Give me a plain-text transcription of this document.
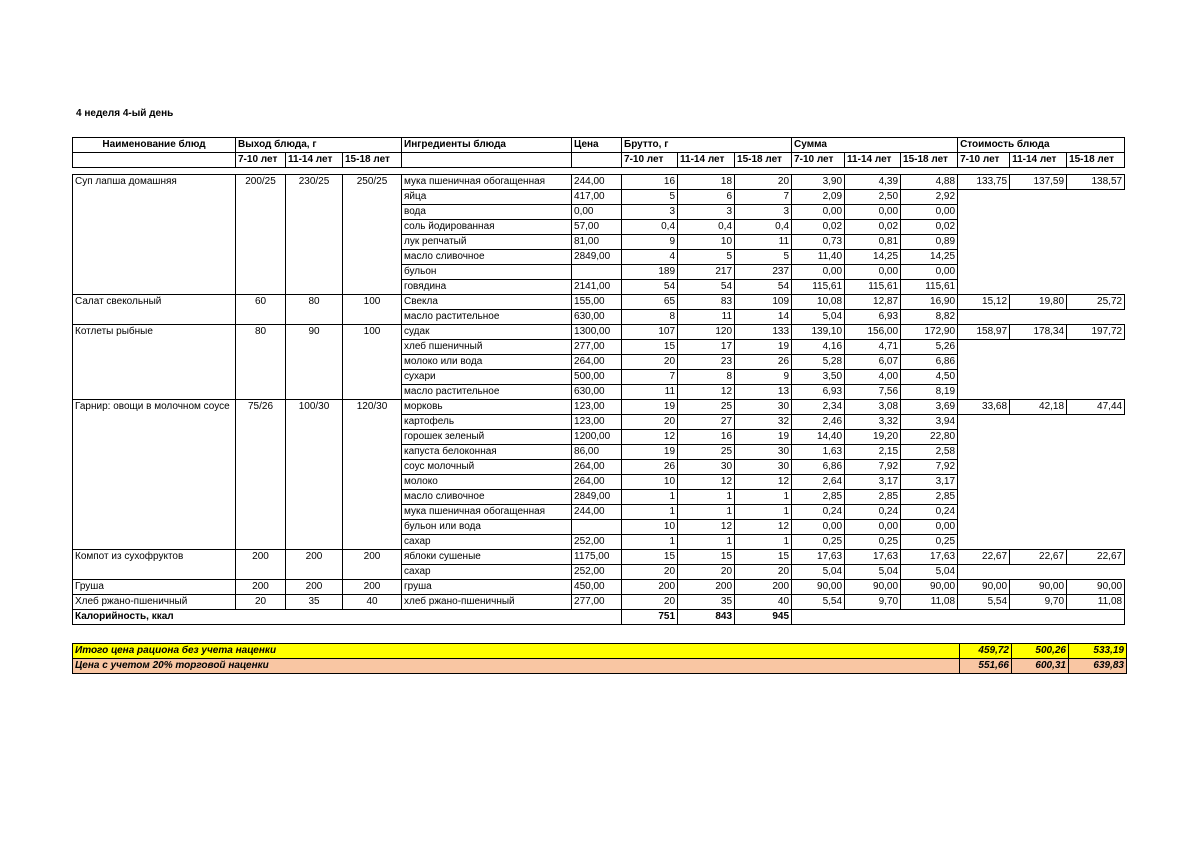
4 неделя 4-ый день
Наименование блюд	Выход блюда, г			Ингредиенты блюда	Цена	Брутто, г			Сумма			Стоимость блюда		
	7-10 лет	11-14 лет	15-18 лет			7-10 лет	11-14 лет	15-18 лет	7-10 лет	11-14 лет	15-18 лет	7-10 лет	11-14 лет	15-18 лет

Суп лапша домашняя	200/25	230/25	250/25	мука пшеничная обогащенная	244,00	16	18	20	3,90	4,39	4,88	133,75	137,59	138,57
				яйца	417,00	5	6	7	2,09	2,50	2,92			
				вода	0,00	3	3	3	0,00	0,00	0,00			
				соль йодированная	57,00	0,4	0,4	0,4	0,02	0,02	0,02			
				лук репчатый	81,00	9	10	11	0,73	0,81	0,89			
				масло сливочное	2849,00	4	5	5	11,40	14,25	14,25			
				бульон		189	217	237	0,00	0,00	0,00			
				говядина	2141,00	54	54	54	115,61	115,61	115,61			
Салат свекольный	60	80	100	Свекла	155,00	65	83	109	10,08	12,87	16,90	15,12	19,80	25,72
				масло растительное	630,00	8	11	14	5,04	6,93	8,82			
Котлеты рыбные	80	90	100	судак	1300,00	107	120	133	139,10	156,00	172,90	158,97	178,34	197,72
				хлеб пшеничный	277,00	15	17	19	4,16	4,71	5,26			
				молоко или вода	264,00	20	23	26	5,28	6,07	6,86			
				сухари	500,00	7	8	9	3,50	4,00	4,50			
				масло растительное	630,00	11	12	13	6,93	7,56	8,19			
Гарнир: овощи в молочном соусе	75/26	100/30	120/30	морковь	123,00	19	25	30	2,34	3,08	3,69	33,68	42,18	47,44
				картофель	123,00	20	27	32	2,46	3,32	3,94			
				горошек зеленый	1200,00	12	16	19	14,40	19,20	22,80			
				капуста белоконная	86,00	19	25	30	1,63	2,15	2,58			
				соус молочный	264,00	26	30	30	6,86	7,92	7,92			
				молоко	264,00	10	12	12	2,64	3,17	3,17			
				масло сливочное	2849,00	1	1	1	2,85	2,85	2,85			
				мука пшеничная обогащенная	244,00	1	1	1	0,24	0,24	0,24			
				бульон или вода		10	12	12	0,00	0,00	0,00			
				сахар	252,00	1	1	1	0,25	0,25	0,25			
Компот из сухофруктов	200	200	200	яблоки сушеные	1175,00	15	15	15	17,63	17,63	17,63	22,67	22,67	22,67
				сахар	252,00	20	20	20	5,04	5,04	5,04			
Груша	200	200	200	груша	450,00	200	200	200	90,00	90,00	90,00	90,00	90,00	90,00
Хлеб ржано-пшеничный	20	35	40	хлеб ржано-пшеничный	277,00	20	35	40	5,54	9,70	11,08	5,54	9,70	11,08
Калорийность, ккал						751	843	945						
Итого цена рациона без учета наценки	459,72	500,26	533,19
Цена с учетом 20% торговой наценки	551,66	600,31	639,83
